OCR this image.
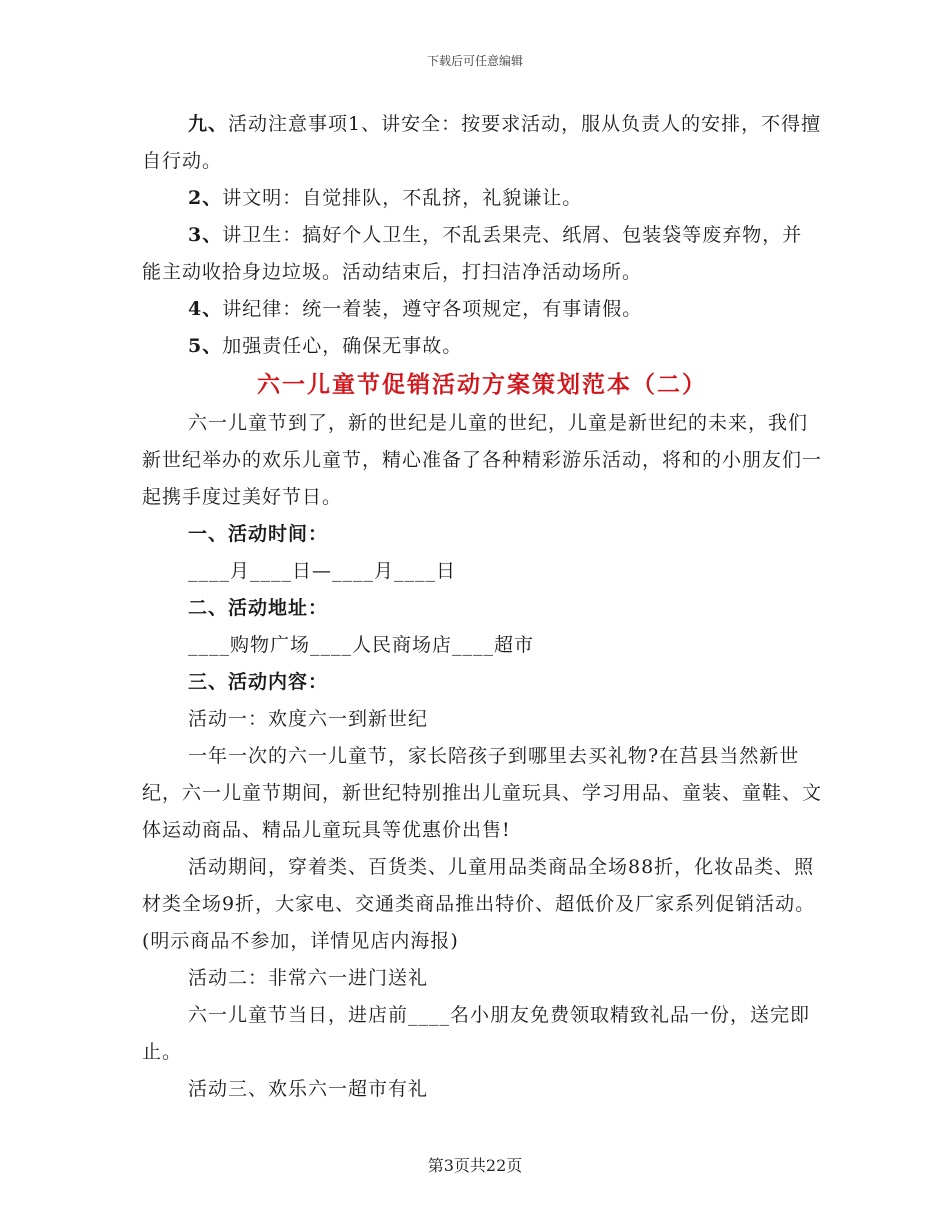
下载后可任意编辑

九、活动注意事项1、讲安全：按要求活动，服从负责人的安排，不得擅自行动。

2、讲文明：自觉排队，不乱挤，礼貌谦让。

3、讲卫生：搞好个人卫生，不乱丢果壳、纸屑、包装袋等废弃物，并能主动收拾身边垃圾。活动结束后，打扫洁净活动场所。

4、讲纪律：统一着装，遵守各项规定，有事请假。

5、加强责任心，确保无事故。

六一儿童节促销活动方案策划范本（二）

六一儿童节到了，新的世纪是儿童的世纪，儿童是新世纪的未来，我们新世纪举办的欢乐儿童节，精心准备了各种精彩游乐活动，将和的小朋友们一起携手度过美好节日。

一、活动时间：

____月____日—____月____日

二、活动地址：

____购物广场____人民商场店____超市

三、活动内容：

活动一：欢度六一到新世纪

一年一次的六一儿童节，家长陪孩子到哪里去买礼物?在莒县当然新世纪，六一儿童节期间，新世纪特别推出儿童玩具、学习用品、童装、童鞋、文体运动商品、精品儿童玩具等优惠价出售!

活动期间，穿着类、百货类、儿童用品类商品全场88折，化妆品类、照材类全场9折，大家电、交通类商品推出特价、超低价及厂家系列促销活动。(明示商品不参加，详情见店内海报)

活动二：非常六一进门送礼

六一儿童节当日，进店前____名小朋友免费领取精致礼品一份，送完即止。

活动三、欢乐六一超市有礼

第3页共22页
